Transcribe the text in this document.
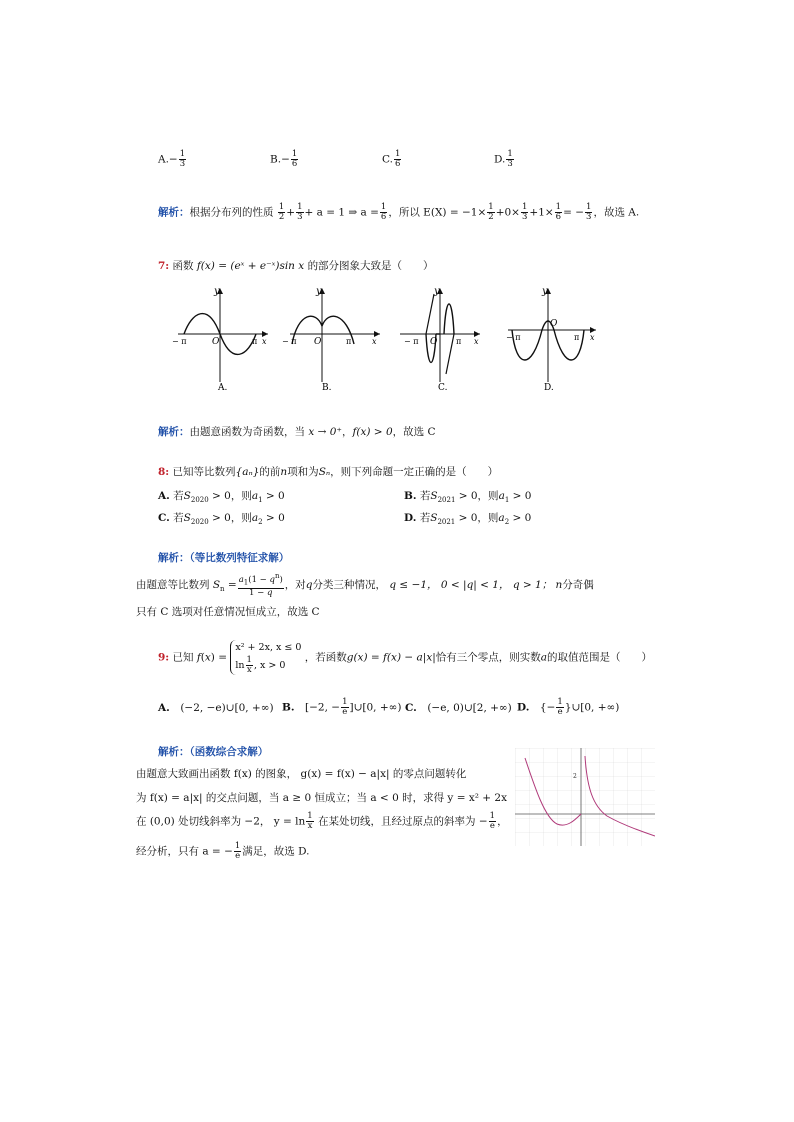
$A.- \frac{1}{3}$	$B.- \frac{1}{6}$	C. $\frac{1}{6}$	D. $\frac{1}{3}$
解析：根据分布列的性质 $\frac{1}{2} + \frac{1}{3} + a = 1$ ⇒ $a = \frac{1}{6}$ ，所以 $E(X) = -1\times \frac{1}{2} +0\times \frac{1}{3} +1\times \frac{1}{6}$ = − $\frac{1}{3}$ ，故选 A.
7: 函数 f(x) = (eˣ + e⁻ˣ)sin x 的部分图象大致是（　　）
y
− π	O	π x
A.
y
− π O	π	x
B.
y
− π O π x
C.
y
− π
O
π x
D.
解析：由题意函数为奇函数，当 x → 0⁺，f(x) > 0，故选 C
8: 已知等比数列{aₙ}的前n项和为Sₙ，则下列命题一定正确的是（　　）
A. 若$S_{2020} > 0$，则$a_1 > 0$	B. 若$S_{2021} > 0$，则$a_1 > 0$
C. 若$S_{2020} > 0$，则$a_2 > 0$	D. 若$S_{2021} > 0$，则$a_2 > 0$
解析：（等比数列特征求解）
由题意等比数列 $S_n = \frac{a_1(1 - q^n)}{1 - q}$ ，对q分类三种情况， q ≤ −1， 0 < |q| < 1， q > 1； n分奇偶
只有 C 选项对任意情况恒成立，故选 C
9: 已知 f(x) =
x² + 2x, x ≤ 0
$\ln \frac{1}{x}$ , x > 0
，若函数g(x) = f(x) − a|x|恰有三个零点，则实数a的取值范围是（　　）
A.　 (−2, −e)∪[0, +∞) B.　 [−2, − $\frac{1}{e}$ ]∪[0, +∞) C.　 (−e, 0)∪[2, +∞) D.　 {− $\frac{1}{e}$ }∪[0, +∞)
解析：（函数综合求解）
由题意大致画出函数 f(x) 的图象， g(x) = f(x) − a|x| 的零点问题转化
为 f(x) = a|x| 的交点问题，当 a ≥ 0 恒成立；当 a < 0 时，求得 y = x² + 2x
在 (0,0) 处切线斜率为 −2， $y = \ln \frac{1}{x}$ 在某处切线，且经过原点的斜率为 − $\frac{1}{e}$ ，
经分析，只有 a = − $\frac{1}{e}$ 满足，故选 D.
2
